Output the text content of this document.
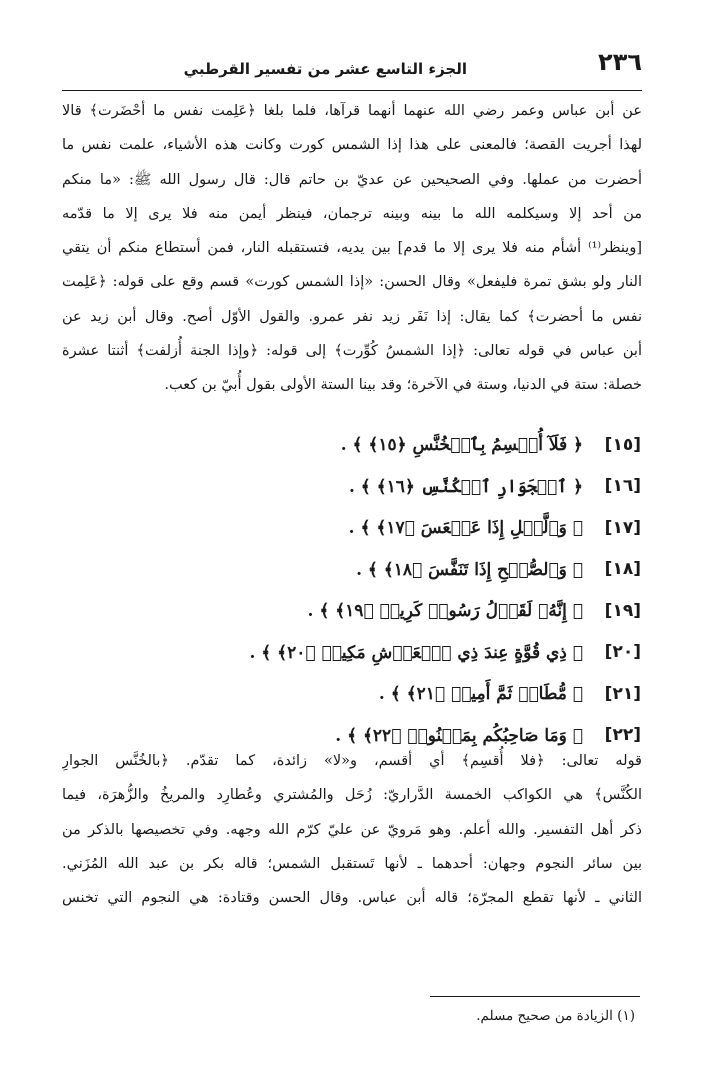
٢٣٦
الجزء التاسع عشر من تفسير القرطبي
عن أبن عباس وعمر رضي الله عنهما أنهما قرآها، فلما بلغا ﴿عَلِمت نفس ما أحْضَرت﴾ قالا
لهذا أجريت القصة؛ فالمعنى على هذا إذا الشمس كورت وكانت هذه الأشياء، علمت نفس ما
أحضرت من عملها. وفي الصحيحين عن عديّ بن حاتم قال: قال رسول الله ﷺ: «ما منكم
من أحد إلا وسيكلمه الله ما بينه وبينه ترجمان، فينظر أيمن منه فلا يرى إلا ما قدّمه
[وينظر⁽¹⁾ أشأم منه فلا يرى إلا ما قدم] بين يديه، فتستقبله النار، فمن أستطاع منكم أن يتقي
النار ولو بشق تمرة فليفعل» وقال الحسن: «إذا الشمس كورت» قسم وقع على قوله: ﴿عَلِمت
نفس ما أحضرت﴾ كما يقال: إذا نَفَر زيد نفر عمرو. والقول الأوّل أصح. وقال أبن زيد عن
أبن عباس في قوله تعالى: ﴿إذا الشمسُ كُوِّرت﴾ إلى قوله: ﴿وإذا الجنة أُزلفت﴾ أثنتا عشرة
خصلة: ستة في الدنيا، وستة في الآخرة؛ وقد بينا الستة الأولى بقول أُبيّ بن كعب.
[١٥]
﴿ فَلَآ أُقۡسِمُ بِٱلۡخُنَّسِ ﴿١٥﴾ ﴾ .
[١٦]
﴿ ٱلۡجَوَارِ ٱلۡكُنَّسِ ﴿١٦﴾ ﴾ .
[١٧]
﴿ وَٱلَّيۡلِ إِذَا عَسۡعَسَ ﴿١٧﴾ ﴾ .
[١٨]
﴿ وَٱلصُّبۡحِ إِذَا تَنَفَّسَ ﴿١٨﴾ ﴾ .
[١٩]
﴿ إِنَّهُۥ لَقَوۡلُ رَسُولٖ كَرِيمٖ ﴿١٩﴾ ﴾ .
[٢٠]
﴿ ذِي قُوَّةٍ عِندَ ذِي ٱلۡعَرۡشِ مَكِينٖ ﴿٢٠﴾ ﴾ .
[٢١]
﴿ مُّطَاعٖ ثَمَّ أَمِينٖ ﴿٢١﴾ ﴾ .
[٢٢]
﴿ وَمَا صَاحِبُكُم بِمَجۡنُونٖ ﴿٢٢﴾ ﴾ .
قوله تعالى: ﴿فلا أُقسِم﴾ أي أقسم، و«لا» زائدة، كما تقدّم. ﴿بالخُنَّس الجوارِ
الكُنَّس﴾ هي الكواكب الخمسة الدَّراريّ: زُحَل والمُشتري وعُطارِد والمريخُ والزُّهرَة، فيما
ذكر أهل التفسير. والله أعلم. وهو مَرويّ عن عليّ كرّم الله وجهه. وفي تخصيصها بالذكر من
بين سائر النجوم وجهان: أحدهما ـ لأنها تَستقبل الشمس؛ قاله بكر بن عبد الله المُزَني.
الثاني ـ لأنها تقطع المجرّة؛ قاله أبن عباس. وقال الحسن وقتادة: هي النجوم التي تخنس
(١) الزيادة من صحيح مسلم.
